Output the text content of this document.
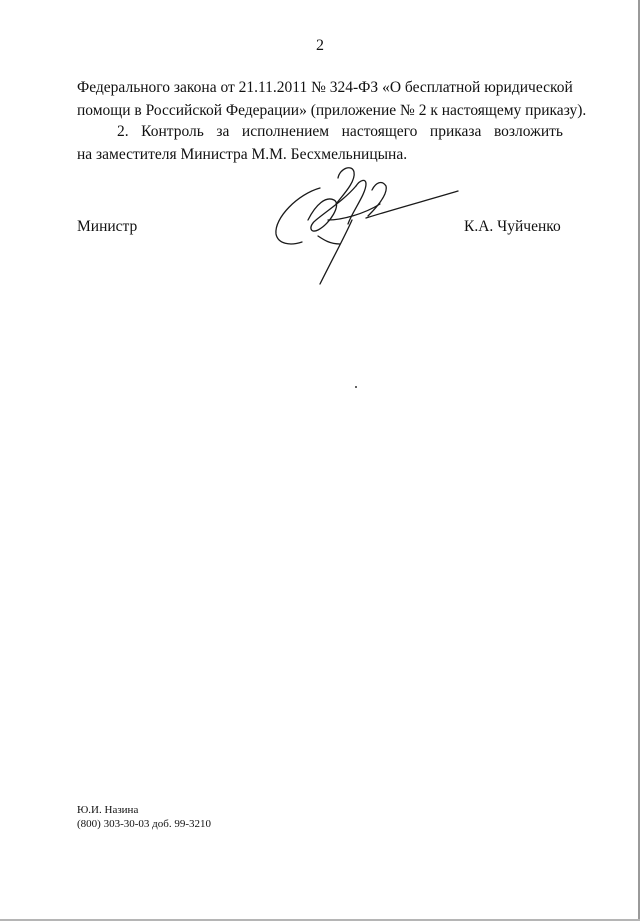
2
Федерального закона от 21.11.2011 № 324-ФЗ «О бесплатной юридической
помощи в Российской Федерации» (приложение № 2 к настоящему приказу).
2. Контроль за исполнением настоящего приказа возложить
на заместителя Министра М.М. Бесхмельницына.
Министр	К.А. Чуйченко
Ю.И. Назина
(800) 303-30-03 доб. 99-3210
